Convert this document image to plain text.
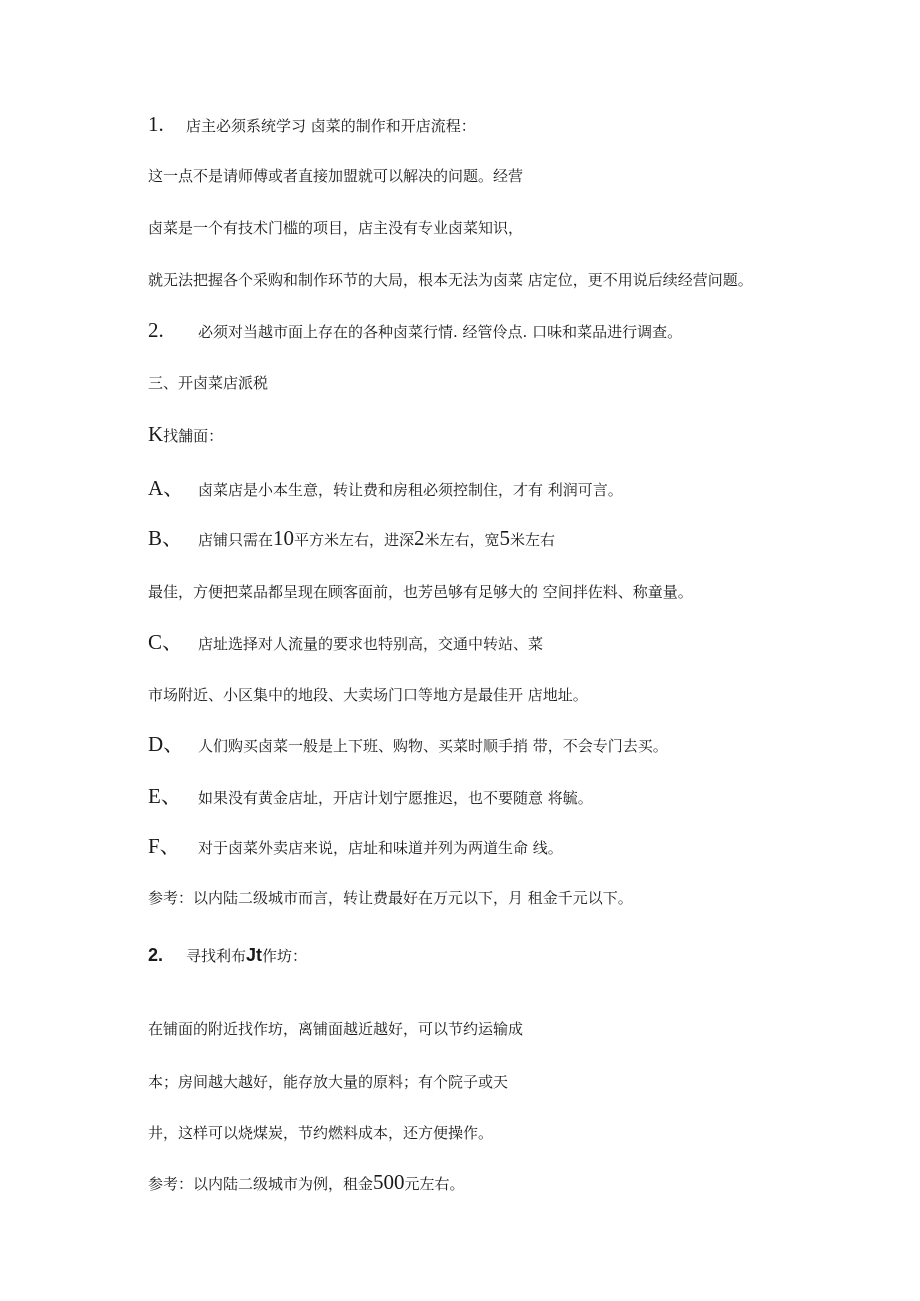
1. 店主必须系统学习 卤菜的制作和开店流程：
这一点不是请师傅或者直接加盟就可以解决的问题。经营
卤菜是一个有技术门槛的项目，店主没有专业卤菜知识，
就无法把握各个采购和制作环节的大局，根本无法为卤菜 店定位，更不用说后续经营问题。
2. 必须对当越市面上存在的各种卤菜行情. 经管伶点. 口味和菜品进行调查。
三、开卤菜店派税
K找舗面：
A、 卤菜店是小本生意，转让费和房租必须控制住，才有 利润可言。
B、 店铺只需在10平方米左右，进深2米左右，宽5米左右
最佳，方便把菜品都呈现在顾客面前，也芳邑够有足够大的 空间拌佐料、称童量。
C、 店址选择对人流量的要求也特别高，交通中转站、菜
市场附近、小区集中的地段、大卖场门口等地方是最佳开 店地址。
D、 人们购买卤菜一般是上下班、购物、买菜时顺手捎 带，不会专门去买。
E、 如果没有黄金店址，开店计划宁愿推迟，也不要随意 将毓。
F、 对于卤菜外卖店来说，店址和味道并列为两道生命 线。
参考：以内陆二级城市而言，转让费最好在万元以下，月 租金千元以下。
2. 寻找利布Jt作坊：
在铺面的附近找作坊，离铺面越近越好，可以节约运输成
本；房间越大越好，能存放大量的原料；有个院子或天
井，这样可以烧煤炭，节约燃料成本，还方便操作。
参考：以内陆二级城市为例，租金500元左右。
